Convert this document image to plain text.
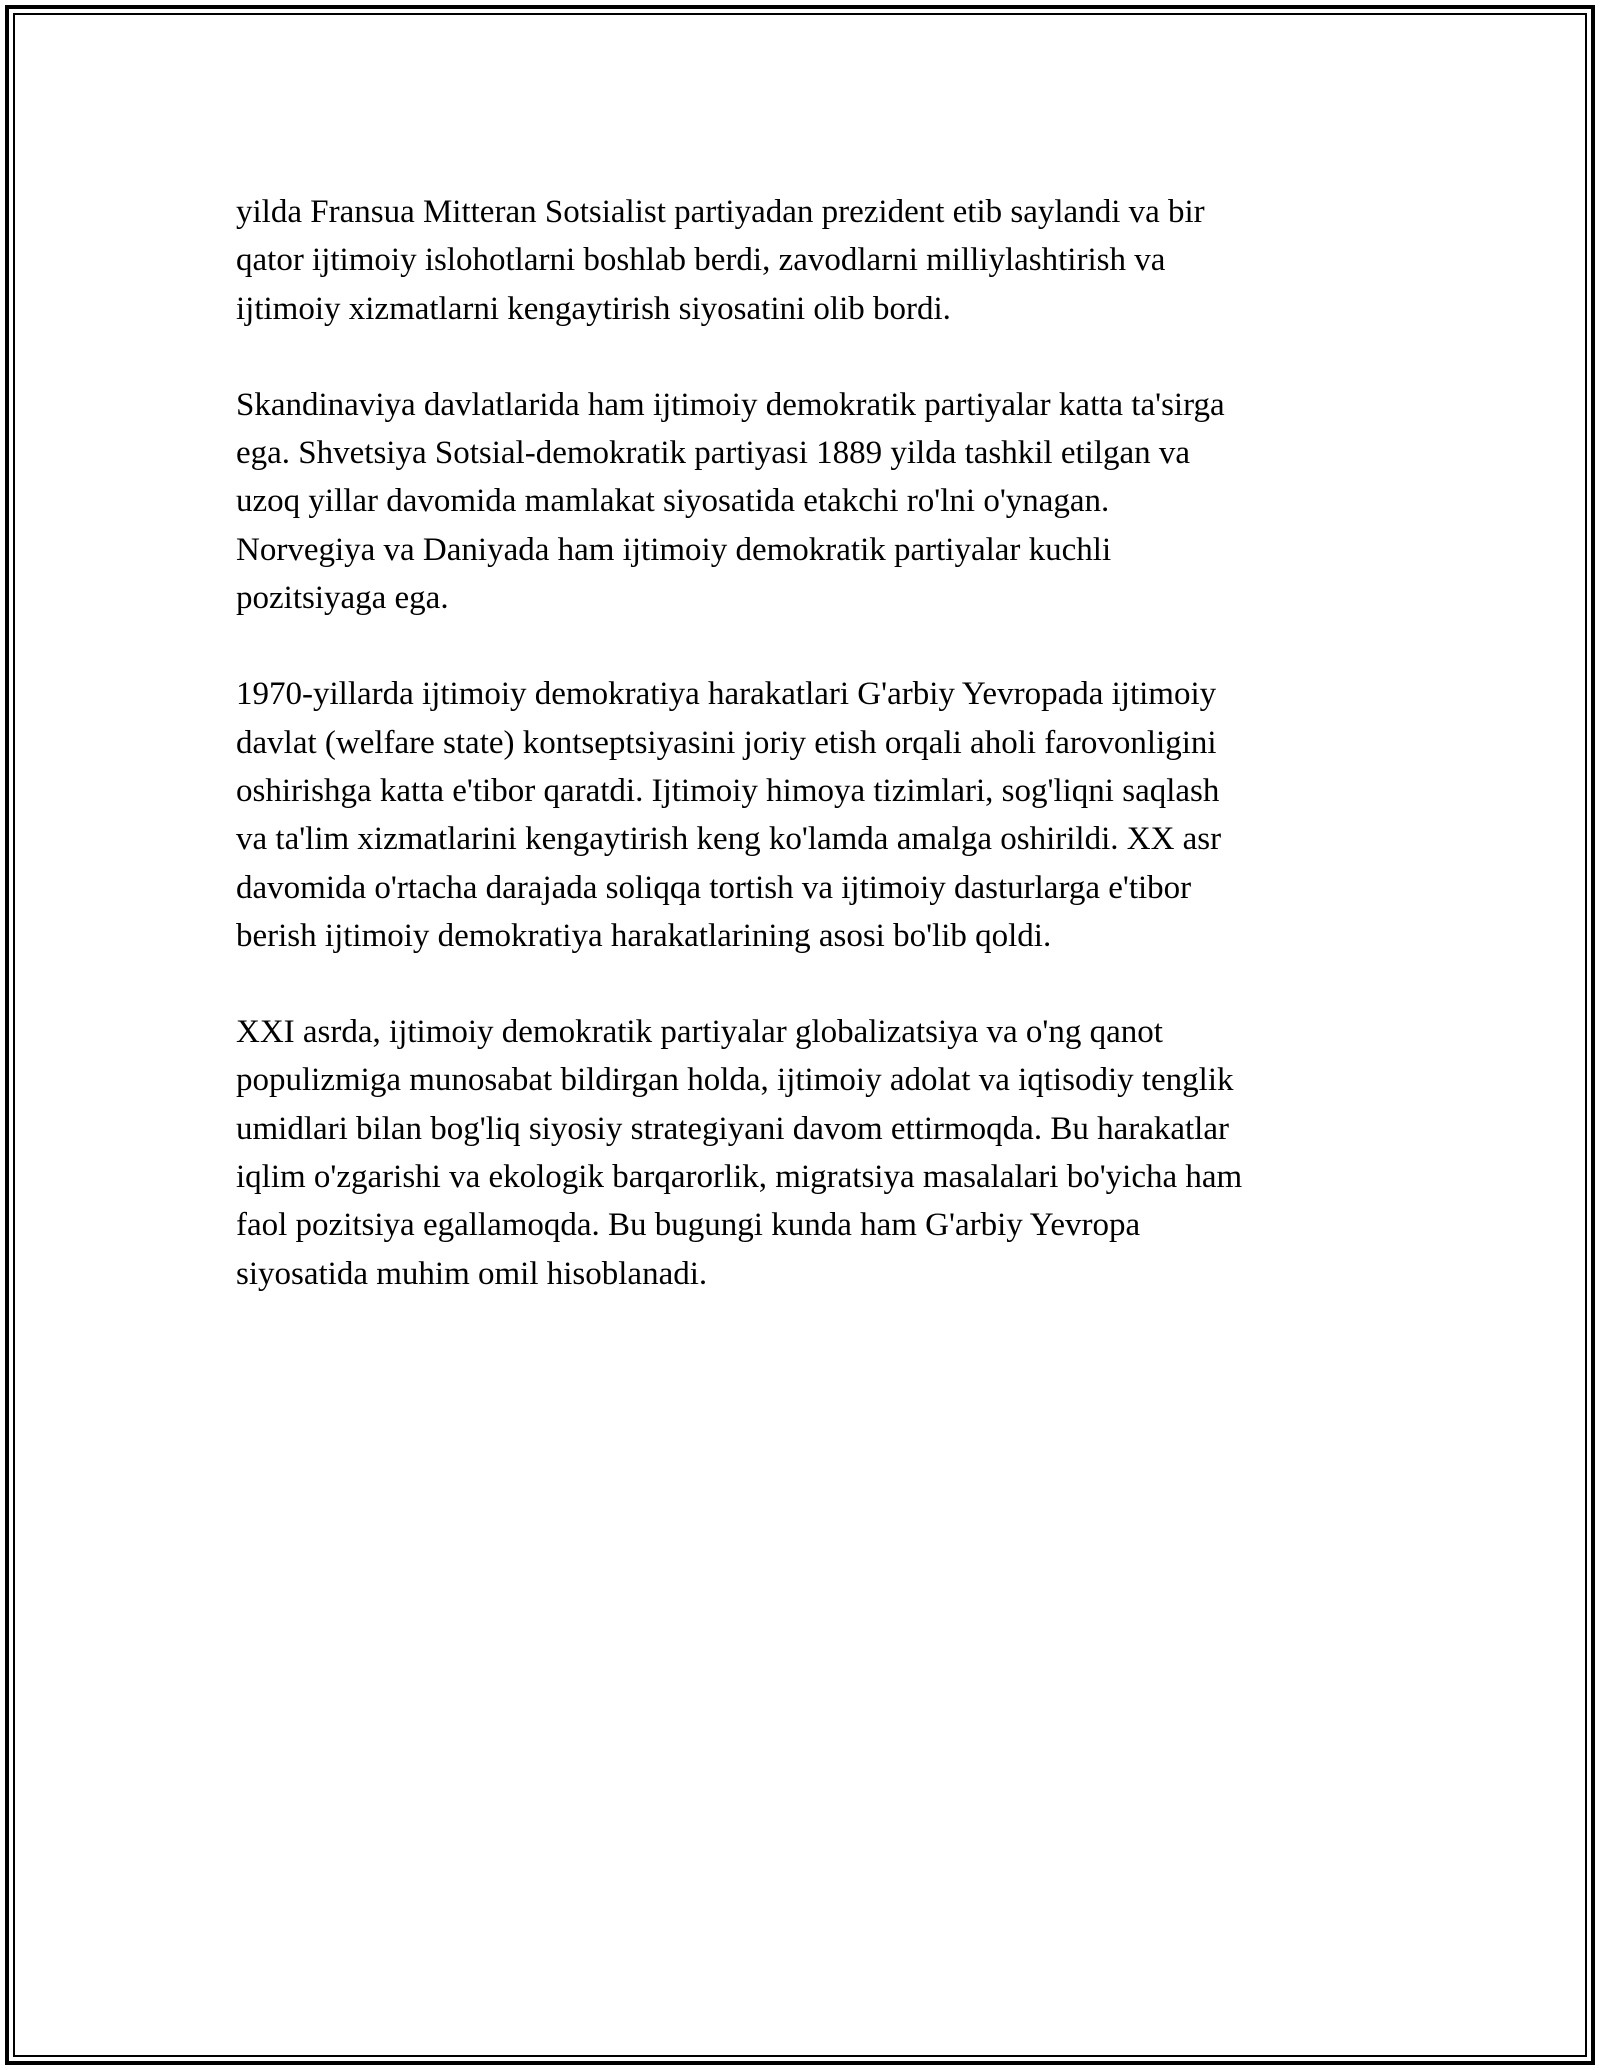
yilda Fransua Mitteran Sotsialist partiyadan prezident etib saylandi va bir
qator ijtimoiy islohotlarni boshlab berdi, zavodlarni milliylashtirish va
ijtimoiy xizmatlarni kengaytirish siyosatini olib bordi.

Skandinaviya davlatlarida ham ijtimoiy demokratik partiyalar katta ta'sirga
ega. Shvetsiya Sotsial-demokratik partiyasi 1889 yilda tashkil etilgan va
uzoq yillar davomida mamlakat siyosatida etakchi ro'lni o'ynagan.
Norvegiya va Daniyada ham ijtimoiy demokratik partiyalar kuchli
pozitsiyaga ega.

1970-yillarda ijtimoiy demokratiya harakatlari G'arbiy Yevropada ijtimoiy
davlat (welfare state) kontseptsiyasini joriy etish orqali aholi farovonligini
oshirishga katta e'tibor qaratdi. Ijtimoiy himoya tizimlari, sog'liqni saqlash
va ta'lim xizmatlarini kengaytirish keng ko'lamda amalga oshirildi. XX asr
davomida o'rtacha darajada soliqqa tortish va ijtimoiy dasturlarga e'tibor
berish ijtimoiy demokratiya harakatlarining asosi bo'lib qoldi.

XXI asrda, ijtimoiy demokratik partiyalar globalizatsiya va o'ng qanot
populizmiga munosabat bildirgan holda, ijtimoiy adolat va iqtisodiy tenglik
umidlari bilan bog'liq siyosiy strategiyani davom ettirmoqda. Bu harakatlar
iqlim o'zgarishi va ekologik barqarorlik, migratsiya masalalari bo'yicha ham
faol pozitsiya egallamoqda. Bu bugungi kunda ham G'arbiy Yevropa
siyosatida muhim omil hisoblanadi.
